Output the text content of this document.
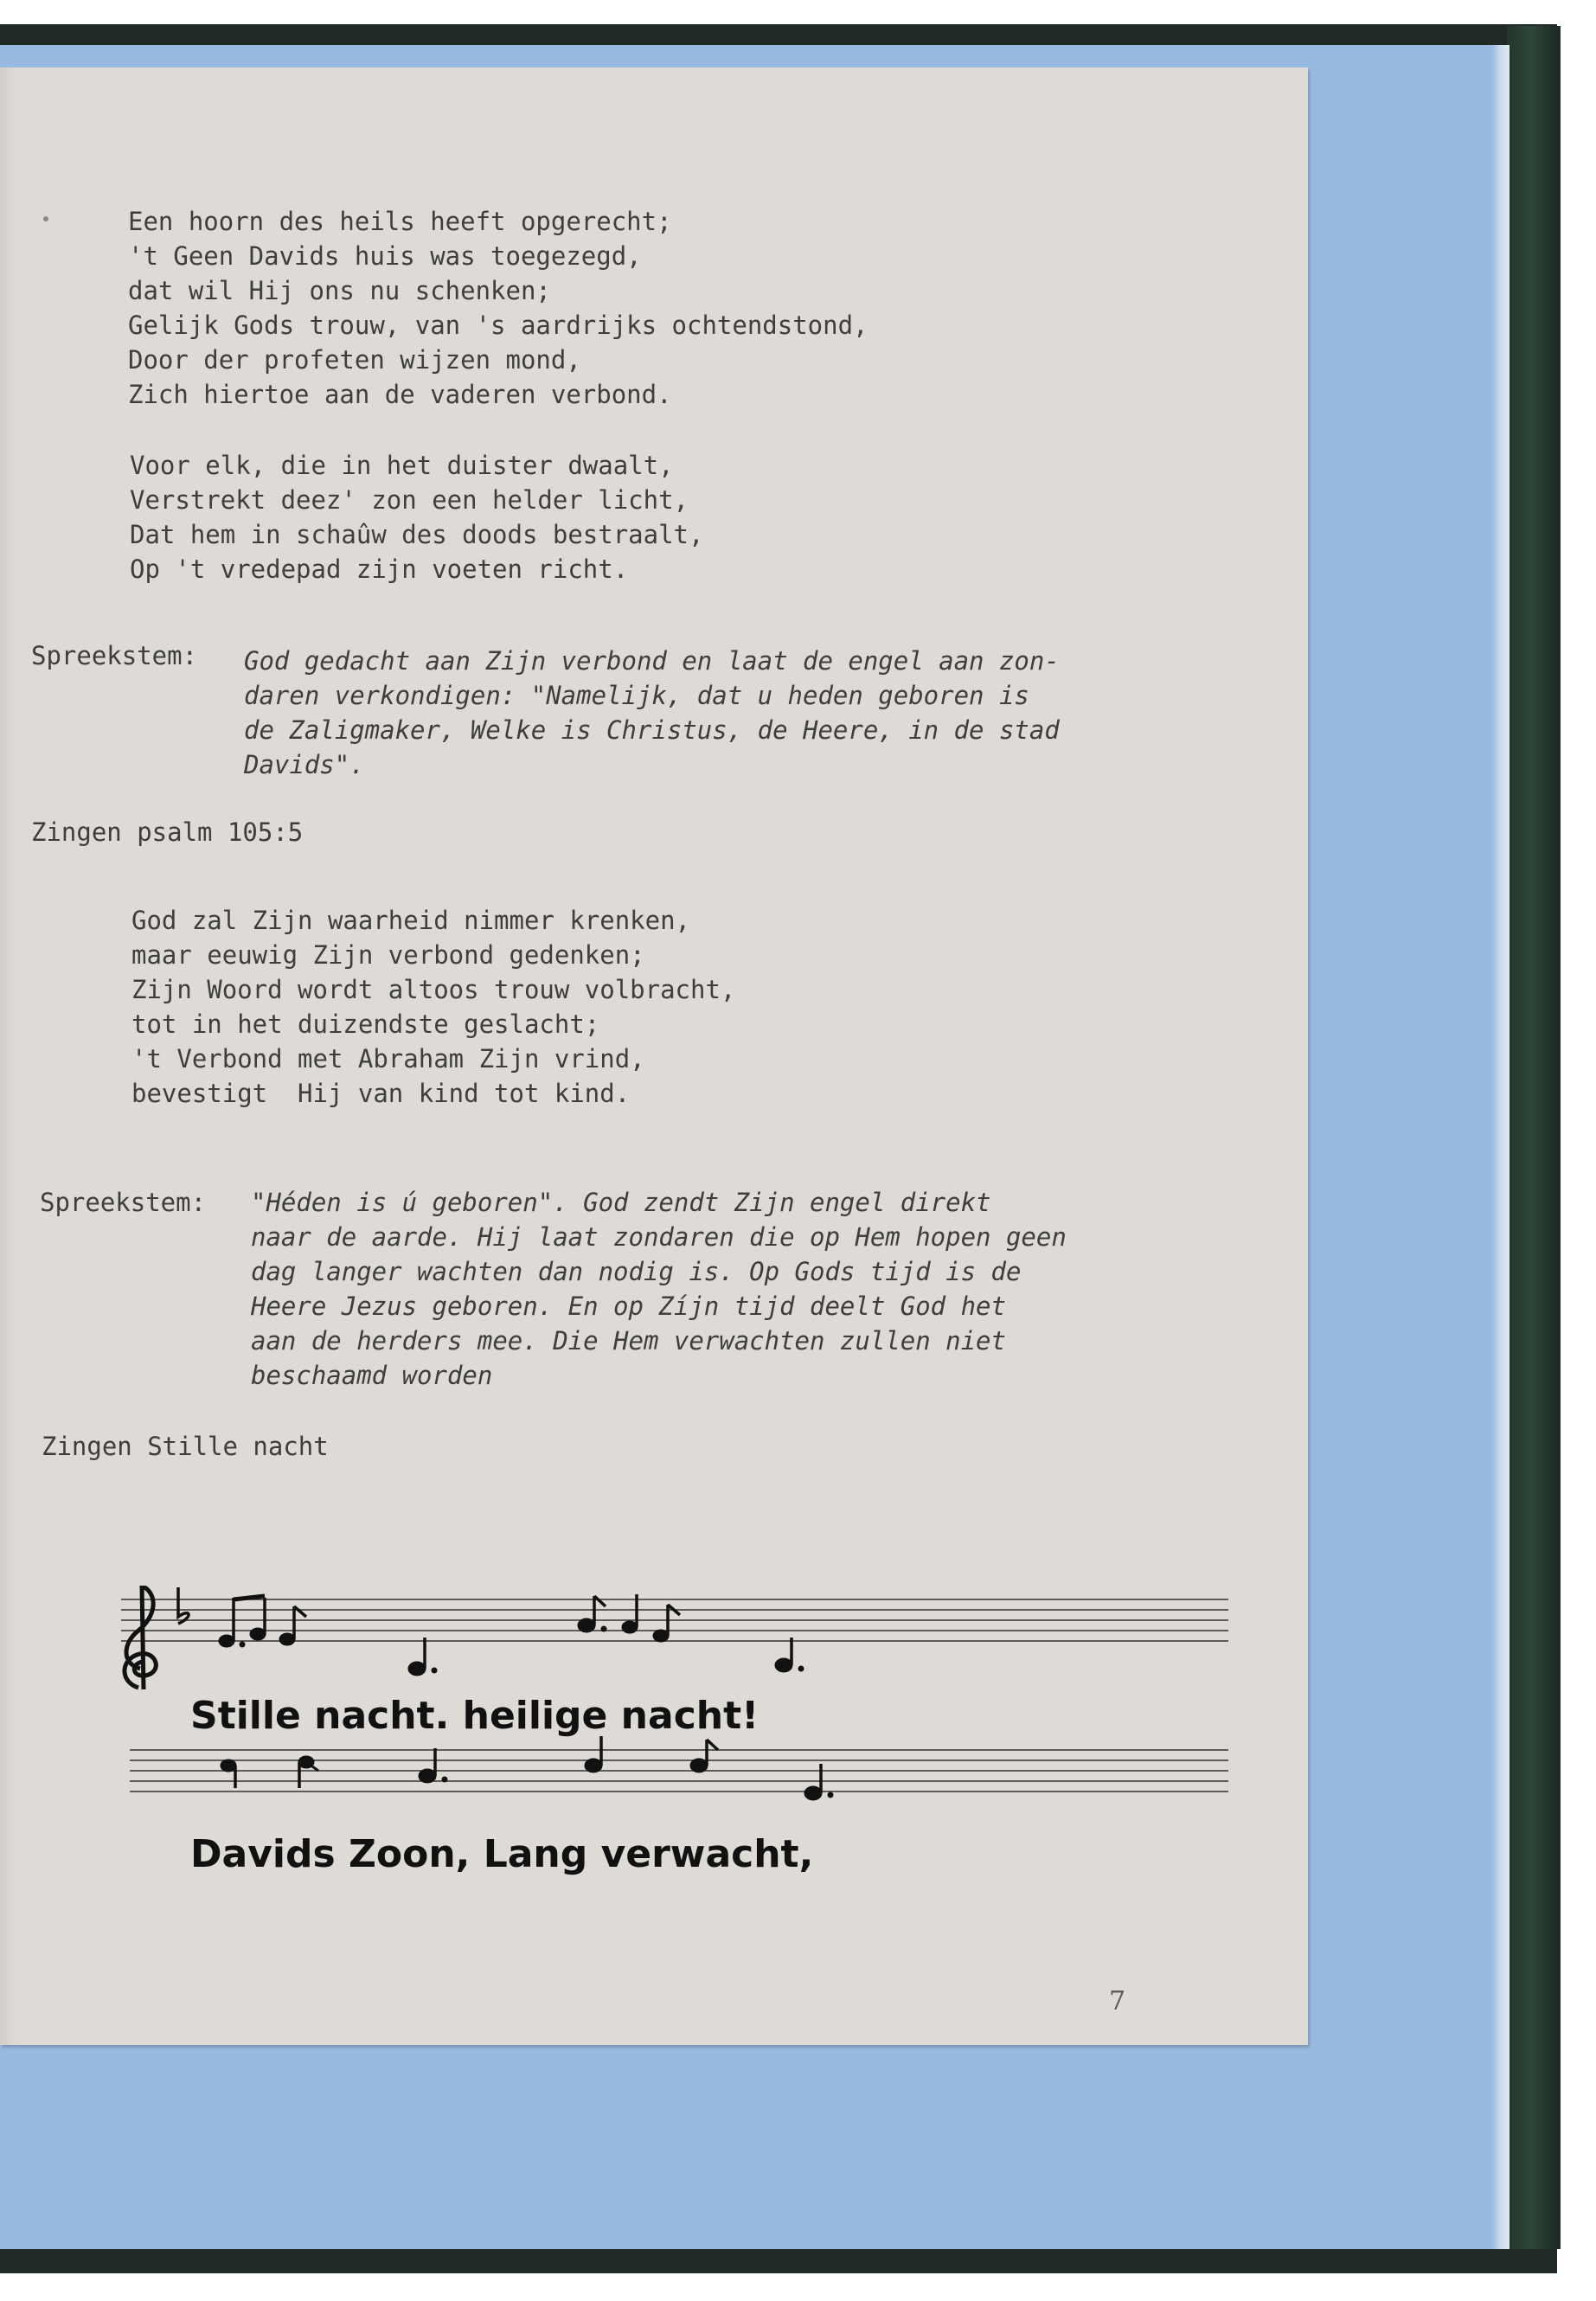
Een hoorn des heils heeft opgerecht;

't Geen Davids huis was toegezegd,

dat wil Hij ons nu schenken;

Gelijk Gods trouw, van 's aardrijks ochtendstond,

Door der profeten wijzen mond,

Zich hiertoe aan de vaderen verbond.

Voor elk, die in het duister dwaalt,

Verstrekt deez' zon een helder licht,

Dat hem in schaûw des doods bestraalt,

Op 't vredepad zijn voeten richt.

Spreekstem: God gedacht aan Zijn verbond en laat de engel aan zon-

daren verkondigen: "Namelijk, dat u heden geboren is

de Zaligmaker, Welke is Christus, de Heere, in de stad

Davids".

Zingen psalm 105:5

God zal Zijn waarheid nimmer krenken,

maar eeuwig Zijn verbond gedenken;

Zijn Woord wordt altoos trouw volbracht,

tot in het duizendste geslacht;

't Verbond met Abraham Zijn vrind,

bevestigt  Hij van kind tot kind.

Spreekstem: "Héden is ú geboren". God zendt Zijn engel direkt

naar de aarde. Hij laat zondaren die op Hem hopen geen

dag langer wachten dan nodig is. Op Gods tijd is de

Heere Jezus geboren. En op Zíjn tijd deelt God het

aan de herders mee. Die Hem verwachten zullen niet

beschaamd worden

Zingen Stille nacht

Stille nacht. heilige nacht!
Davids Zoon, Lang verwacht,
7
